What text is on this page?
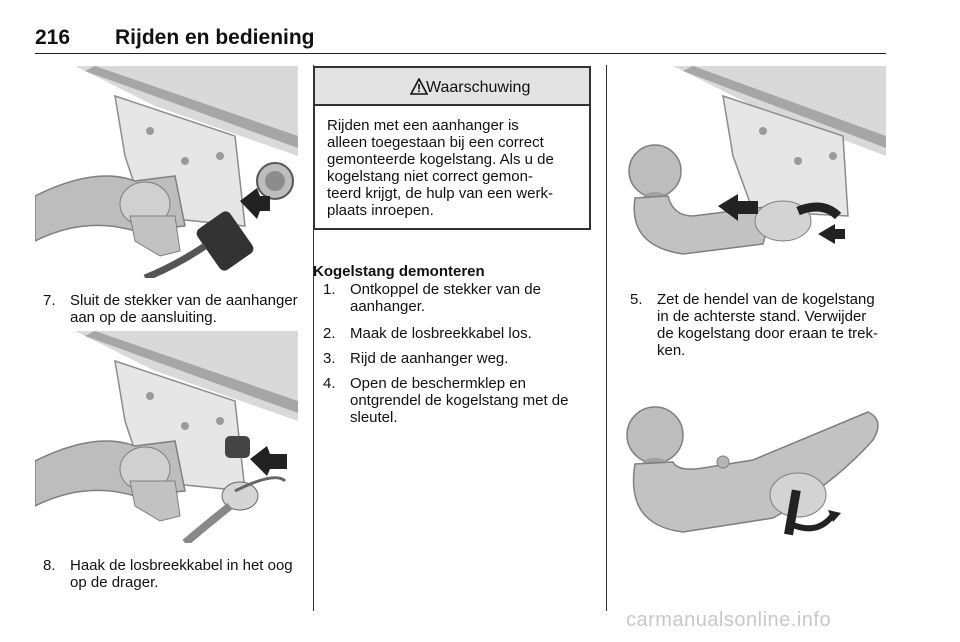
216 Rijden en bediening
7. Sluit de stekker van de aanhanger
aan op de aansluiting.
8. Haak de losbreekkabel in het oog
op de drager.
Waarschuwing
Rijden met een aanhanger is
alleen toegestaan bij een correct
gemonteerde kogelstang. Als u de
kogelstang niet correct gemon-
teerd krijgt, de hulp van een werk-
plaats inroepen.
Kogelstang demonteren
1. Ontkoppel de stekker van de
aanhanger.
2. Maak de losbreekkabel los.
3. Rijd de aanhanger weg.
4. Open de beschermklep en
ontgrendel de kogelstang met de
sleutel.
5. Zet de hendel van de kogelstang
in de achterste stand. Verwijder
de kogelstang door eraan te trek-
ken.
carmanualsonline.info
